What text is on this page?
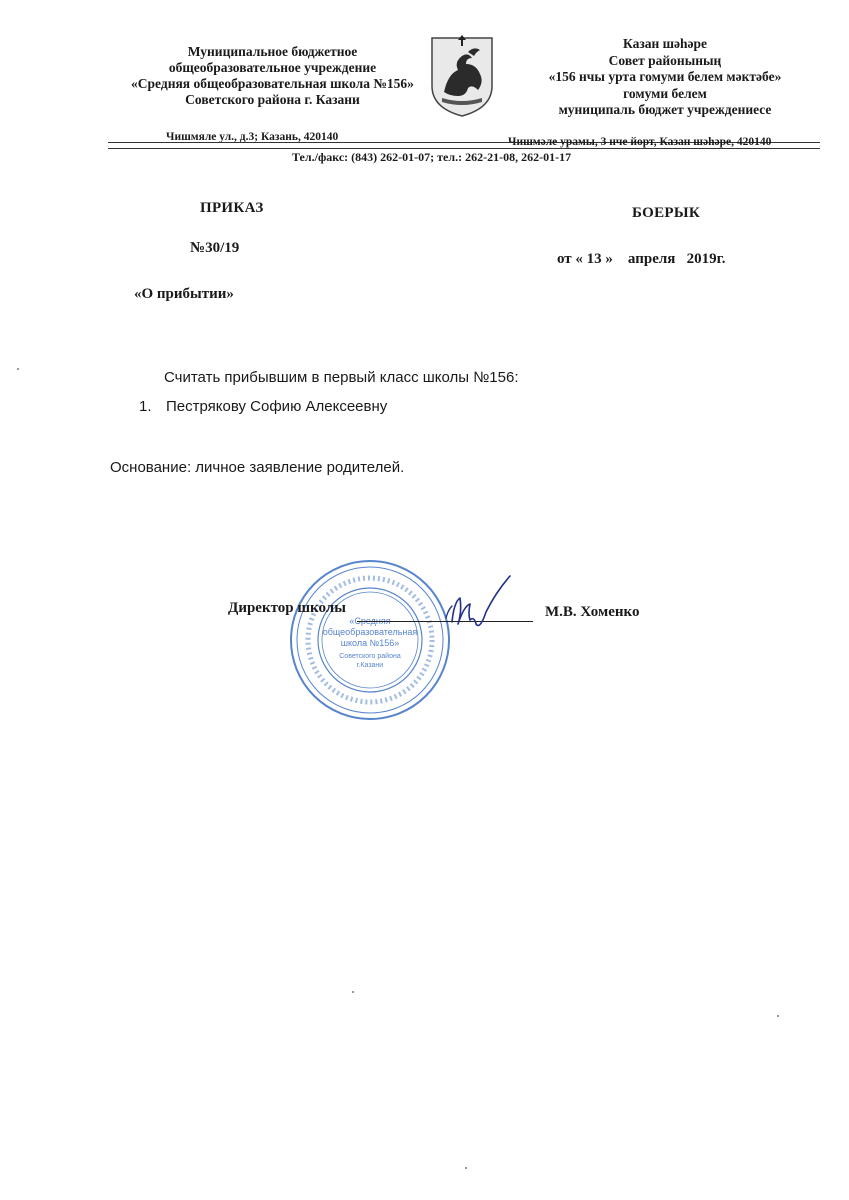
Муниципальное бюджетное
общеобразовательное учреждение
«Средняя общеобразовательная школа №156»
Советского района г. Казани
Казан шәһәре
Совет районының
«156 нчы урта гомуми белем мәктәбе»
гомуми белем
муниципаль бюджет учреждениесе
Чишмяле ул., д.3; Казань, 420140	Чишмәле урамы, 3 нче йорт, Казан шәһәре, 420140
Тел./факс: (843) 262-01-07; тел.: 262-21-08, 262-01-17
ПРИКАЗ	БОЕРЫК
№30/19
от « 13 »    апреля   2019г.
«О прибытии»
Считать прибывшим в первый класс школы №156:
1. Пестрякову Софию Алексеевну
Основание: личное заявление родителей.
«Средняя
общеобразовательная
школа №156»
Советского района
г.Казани
Директор школы	М.В. Хоменко
